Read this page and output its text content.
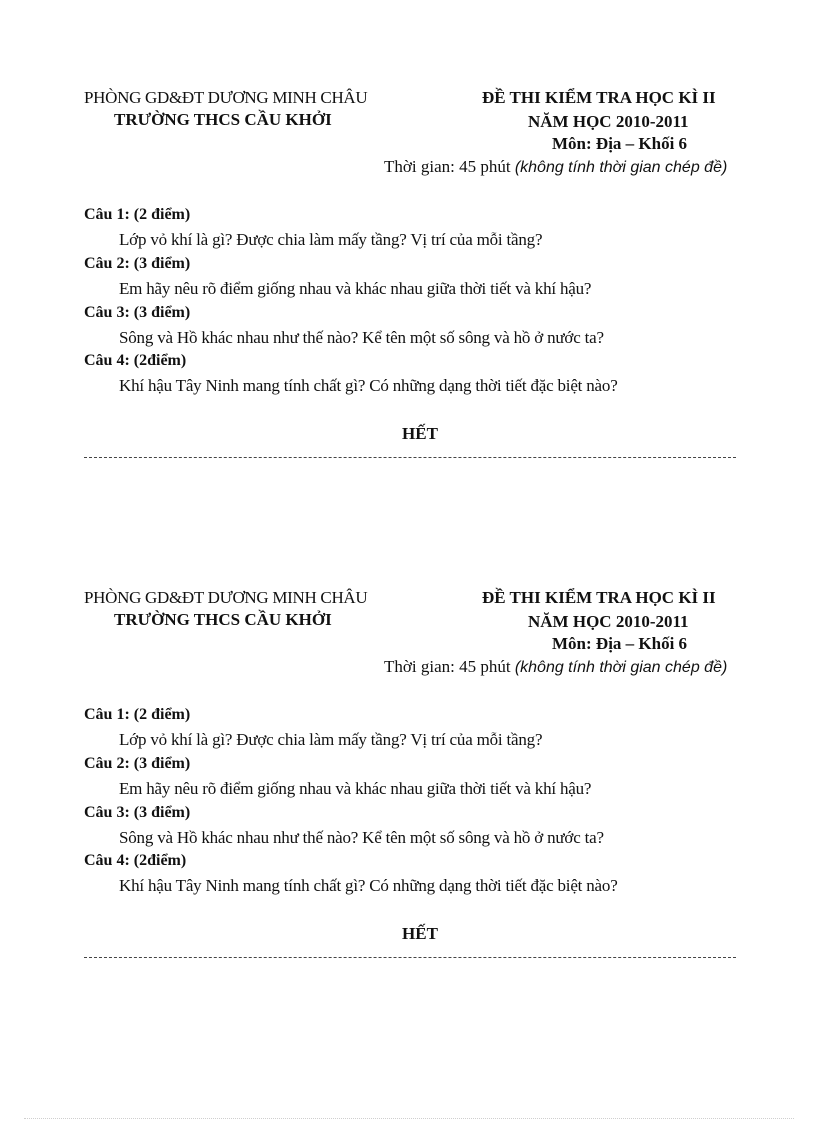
PHÒNG GD&ĐT DƯƠNG MINH CHÂU
TRƯỜNG THCS CẦU KHỞI
ĐỀ THI KIỂM TRA HỌC KÌ II
NĂM HỌC 2010-2011
Môn: Địa – Khối 6
Thời gian: 45 phút (không tính thời gian chép đề)
Câu 1: (2 điểm)
Lớp vỏ khí là gì? Được chia làm mấy tầng? Vị trí của mỗi tầng?
Câu 2: (3 điểm)
Em hãy nêu rõ điểm giống nhau và khác nhau giữa thời tiết và khí hậu?
Câu 3: (3 điểm)
Sông và Hồ khác nhau như thế nào? Kể tên một số sông và hồ ở nước ta?
Câu 4: (2điểm)
Khí hậu Tây Ninh mang tính chất gì? Có những dạng thời tiết đặc biệt nào?
HẾT
PHÒNG GD&ĐT DƯƠNG MINH CHÂU
TRƯỜNG THCS CẦU KHỞI
ĐỀ THI KIỂM TRA HỌC KÌ II
NĂM HỌC 2010-2011
Môn: Địa – Khối 6
Thời gian: 45 phút (không tính thời gian chép đề)
Câu 1: (2 điểm)
Lớp vỏ khí là gì? Được chia làm mấy tầng? Vị trí của mỗi tầng?
Câu 2: (3 điểm)
Em hãy nêu rõ điểm giống nhau và khác nhau giữa thời tiết và khí hậu?
Câu 3: (3 điểm)
Sông và Hồ khác nhau như thế nào? Kể tên một số sông và hồ ở nước ta?
Câu 4: (2điểm)
Khí hậu Tây Ninh mang tính chất gì? Có những dạng thời tiết đặc biệt nào?
HẾT
